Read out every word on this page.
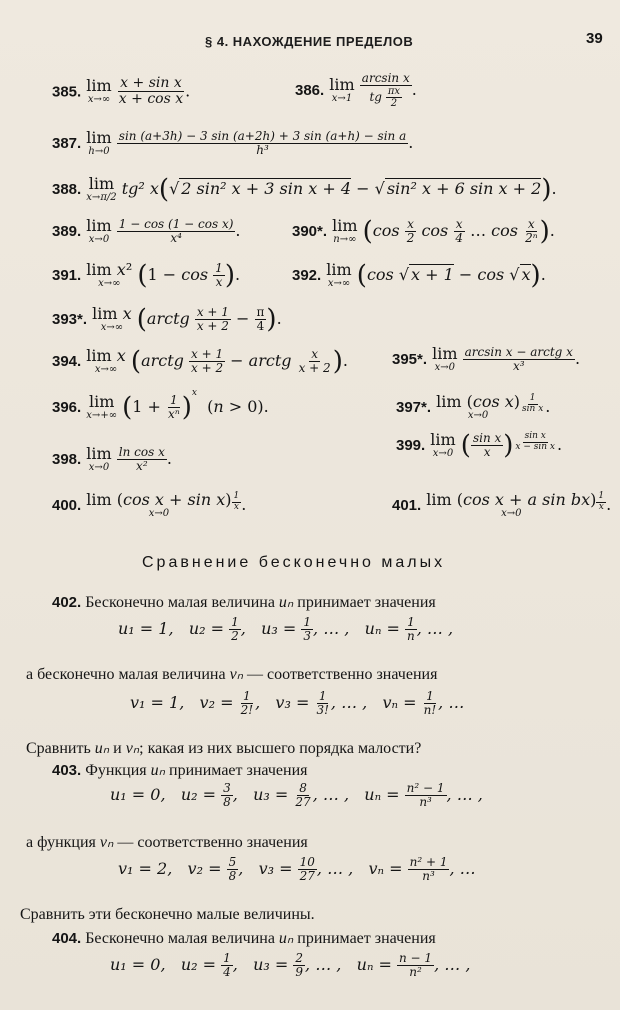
§ 4. НАХОЖДЕНИЕ ПРЕДЕЛОВ	39
385. lim
x→∞
$\frac{\text{x + sin x}}{\text{x + cos x}}$ .	386. lim
x→1
$\frac{\text{arcsin x}}{tg \frac{\pi x}{2}}$ .
387. lim
h→0
$\frac{\text{sin (a+3h) − 3 sin (a+2h) + 3 sin (a+h) − sin a}}{\text{h³}}$ .
388. lim
x→π/2 tg² x(√ 2 sin² x + 3 sin x + 4 − √ sin² x + 6 sin x + 2).
389. lim
x→0
$\frac{\text{1 − cos (1 − cos x)}}{\text{x⁴}}$ .	390*. lim
n→∞ ($\cos \frac{x}{2}$ $\cos \frac{x}{4}$ … $\cos \frac{x}{\text{2ⁿ}}$ ).
391. lim x²
x→∞ ($1 - \cos \frac{1}{x}$ ).	392. lim
x→∞ (cos √ x + 1 − cos √ x).
393*. lim x
x→∞ (arctg $\frac{x + 1}{x + 2} - \frac{\pi}{4}$ ).
394. lim x
x→∞ (arctg $\frac{x + 1}{x + 2}$ − arctg $\frac{x}{x + 2}$ ).	395*. lim
x→0
$\frac{\text{arcsin x − arctg x}}{\text{x³}}$ .
396. lim
x→+∞ $(1 + \frac{1}{\text{xⁿ}} )^x$  (n > 0).	397*. lim (cos x)
x→0
$\frac{1}{\text{sin x}}$ .
398. lim
x→0
$\frac{\text{ln cos x}}{\text{x²}}$ .
399. lim
x→0 ( $\frac{\text{sin x}}{x}$ ) $\frac{\text{sin x}}{\text{x − sin x}}$ .
400. lim (cos x + sin x)
x→0
$\frac{1}{x}$ .	401. lim (cos x + a sin bx)
x→0
$\frac{1}{x}$ .
Сравнение бесконечно малых
402. Бесконечно малая величина uₙ принимает значения
u₁ = 1,   $u_2 = \frac{1}{2}$ ,   $u_3 = \frac{1}{3}$ , … ,   $u_n = \frac{1}{n}$ , … ,
а бесконечно малая величина vₙ — соответственно значения
v₁ = 1,   $v_2 = \frac{1}{2!}$ ,   $v_3 = \frac{1}{3!}$ , … ,   $v_n = \frac{1}{n!}$ , …
Сравнить uₙ и vₙ; какая из них высшего порядка малости?
403. Функция uₙ принимает значения
u₁ = 0,   $u_2 = \frac{3}{8}$ ,   $u_3 = \frac{8}{27}$ , … ,   $u_n = \frac{\text{n² − 1}}{\text{n³}}$ , … ,
а функция vₙ — соответственно значения
v₁ = 2,   $v_2 = \frac{5}{8}$ ,   $v_3 = \frac{10}{27}$ , … ,   $v_n = \frac{\text{n² + 1}}{\text{n³}}$ , …
Сравнить эти бесконечно малые величины.
404. Бесконечно малая величина uₙ принимает значения
u₁ = 0,   $u_2 = \frac{1}{4}$ ,   $u_3 = \frac{2}{9}$ , … ,   $u_n = \frac{n - 1}{\text{n²}}$ , … ,
